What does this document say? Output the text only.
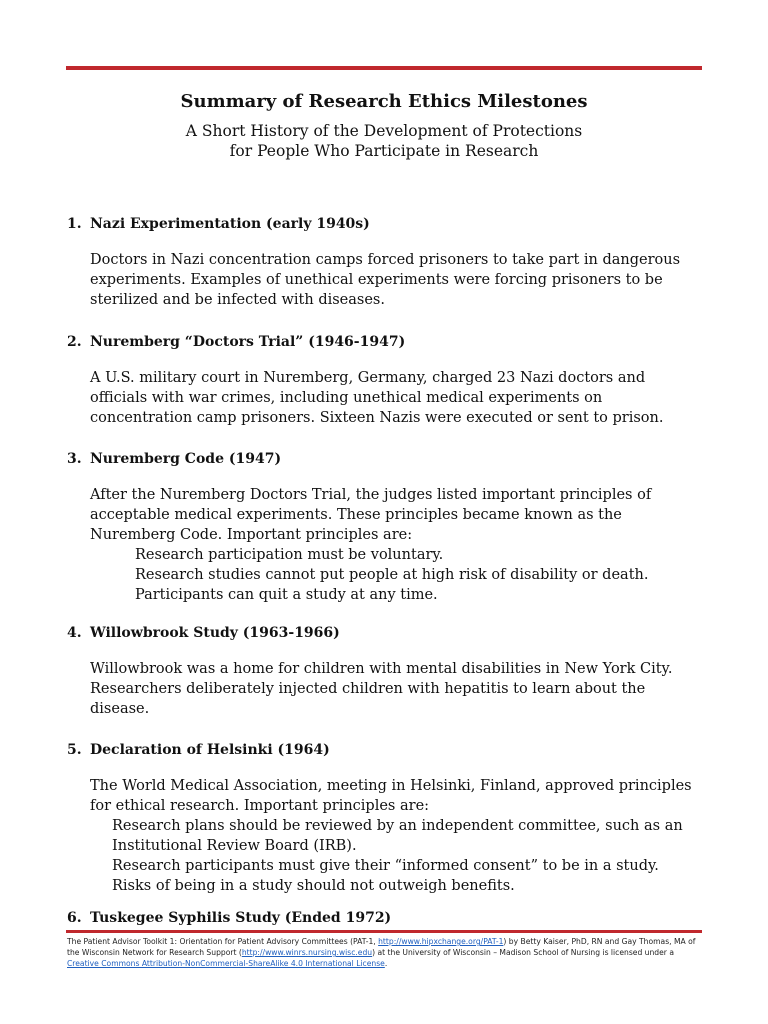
Summary of Research Ethics Milestones
A Short History of the Development of Protections
for People Who Participate in Research
1. Nazi Experimentation (early 1940s)

Doctors in Nazi concentration camps forced prisoners to take part in dangerous experiments. Examples of unethical experiments were forcing prisoners to be sterilized and be infected with diseases.

2. Nuremberg “Doctors Trial” (1946-1947)

A U.S. military court in Nuremberg, Germany, charged 23 Nazi doctors and officials with war crimes, including unethical medical experiments on concentration camp prisoners. Sixteen Nazis were executed or sent to prison.

3. Nuremberg Code (1947)

After the Nuremberg Doctors Trial, the judges listed important principles of acceptable medical experiments. These principles became known as the Nuremberg Code. Important principles are:

Research participation must be voluntary.
Research studies cannot put people at high risk of disability or death.
Participants can quit a study at any time.
4. Willowbrook Study (1963-1966)

Willowbrook was a home for children with mental disabilities in New York City. Researchers deliberately injected children with hepatitis to learn about the disease.

5. Declaration of Helsinki (1964)

The World Medical Association, meeting in Helsinki, Finland, approved principles for ethical research. Important principles are:

Research plans should be reviewed by an independent committee, such as an Institutional Review Board (IRB).
Research participants must give their “informed consent” to be in a study.
Risks of being in a study should not outweigh benefits.
6. Tuskegee Syphilis Study (Ended 1972)
The Patient Advisor Toolkit 1: Orientation for Patient Advisory Committees (PAT-1, http://www.hipxchange.org/PAT-1) by Betty Kaiser, PhD, RN and Gay Thomas, MA of the Wisconsin Network for Research Support (http://www.winrs.nursing.wisc.edu) at the University of Wisconsin – Madison School of Nursing is licensed under a Creative Commons Attribution-NonCommercial-ShareAlike 4.0 International License.
